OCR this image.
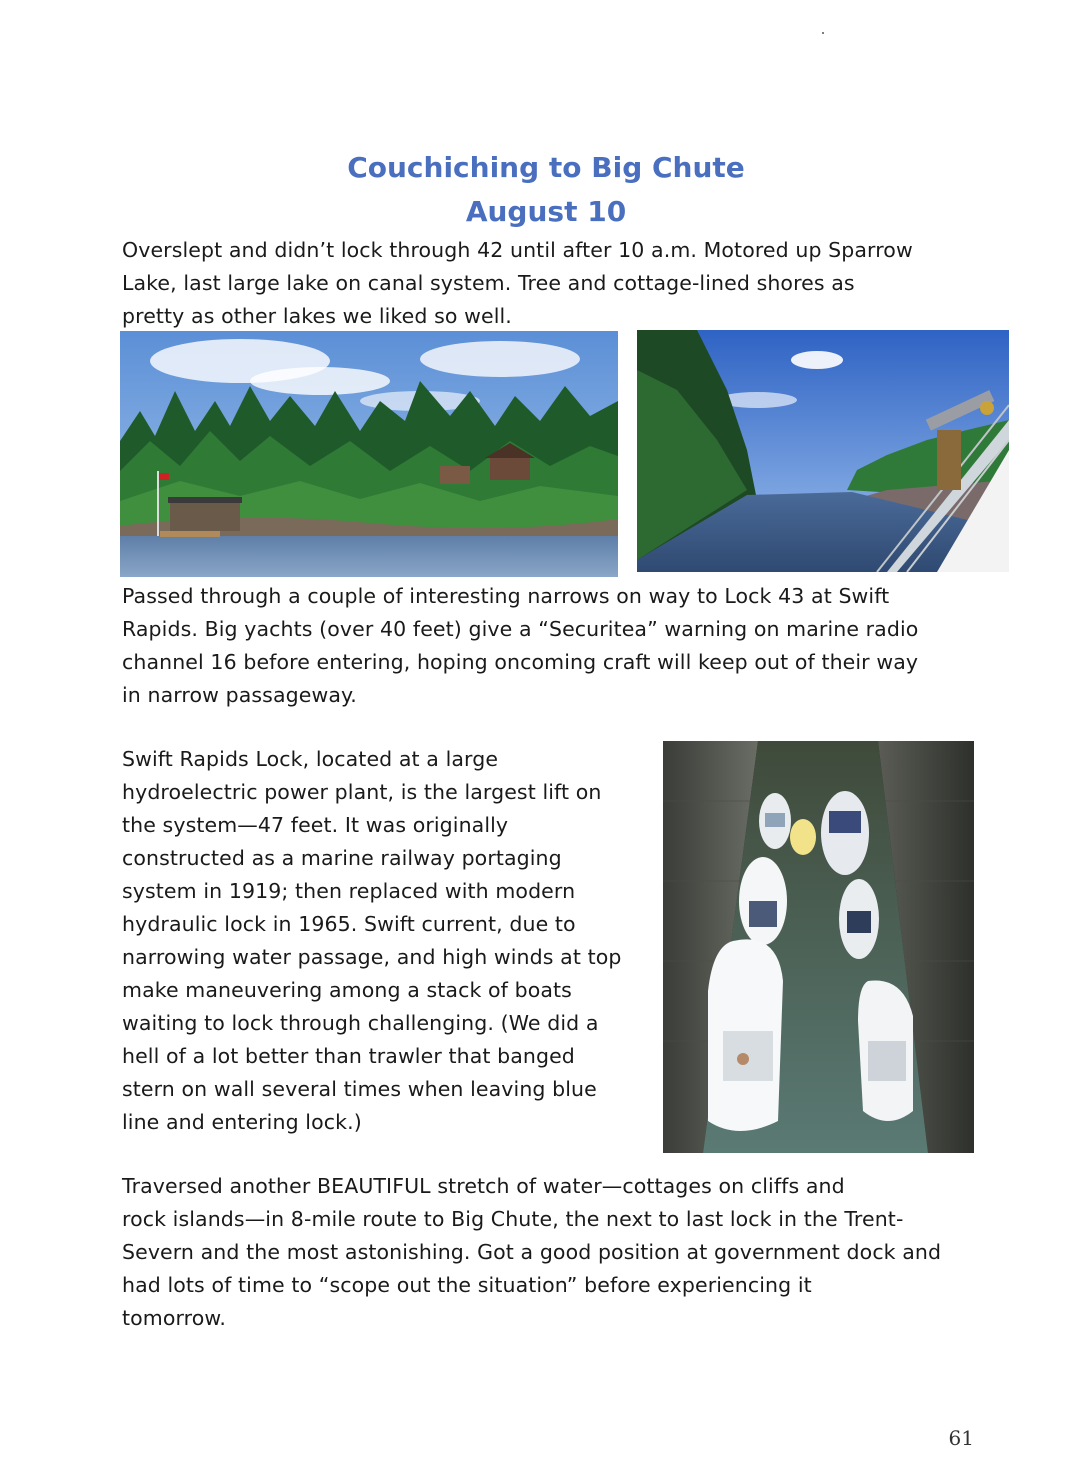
Couchiching to Big Chute
August 10

Overslept and didn’t lock through 42 until after 10 a.m. Motored up Sparrow
Lake, last large lake on canal system. Tree and cottage-lined shores as
pretty as other lakes we liked so well.

Passed through a couple of interesting narrows on way to Lock 43 at Swift
Rapids. Big yachts (over 40 feet) give a “Securitea” warning on marine radio
channel 16 before entering, hoping oncoming craft will keep out of their way
in narrow passageway.

Swift Rapids Lock, located at a large
hydroelectric power plant, is the largest lift on
the system—47 feet. It was originally
constructed as a marine railway portaging
system in 1919; then replaced with modern
hydraulic lock in 1965. Swift current, due to
narrowing water passage, and high winds at top
make maneuvering among a stack of boats
waiting to lock through challenging. (We did a
hell of a lot better than trawler that banged
stern on wall several times when leaving blue
line and entering lock.)

Traversed another BEAUTIFUL stretch of water—cottages on cliffs and
rock islands—in 8-mile route to Big Chute, the next to last lock in the Trent-
Severn and the most astonishing. Got a good position at government dock and
had lots of time to “scope out the situation” before experiencing it
tomorrow.

61
